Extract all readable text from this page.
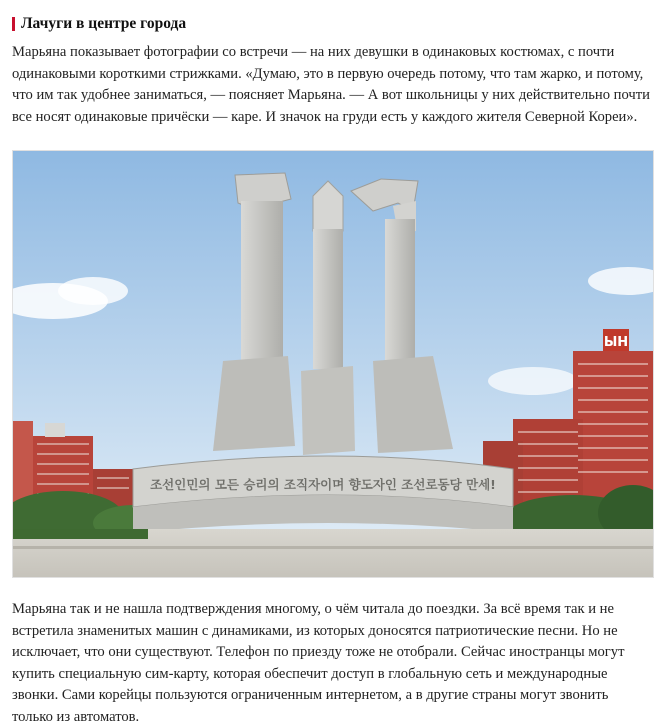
Лачуги в центре города
Марьяна показывает фотографии со встречи — на них девушки в одинаковых костюмах, с почти одинаковыми короткими стрижками. «Думаю, это в первую очередь потому, что там жарко, и потому, что им так удобнее заниматься, — поясняет Марьяна. — А вот школьницы у них действительно почти все носят одинаковые причёски — каре. И значок на груди есть у каждого жителя Северной Кореи».
ЫН
조선인민의 모든 승리의 조직자이며 향도자인 조선로동당 만세!
Марьяна так и не нашла подтверждения многому, о чём читала до поездки. За всё время так и не встретила знаменитых машин с динамиками, из которых доносятся патриотические песни. Но не исключает, что они существуют. Телефон по приезду тоже не отобрали. Сейчас иностранцы могут купить специальную сим-карту, которая обеспечит доступ в глобальную сеть и международные звонки. Сами корейцы пользуются ограниченным интернетом, а в другие страны могут звонить только из автоматов.
